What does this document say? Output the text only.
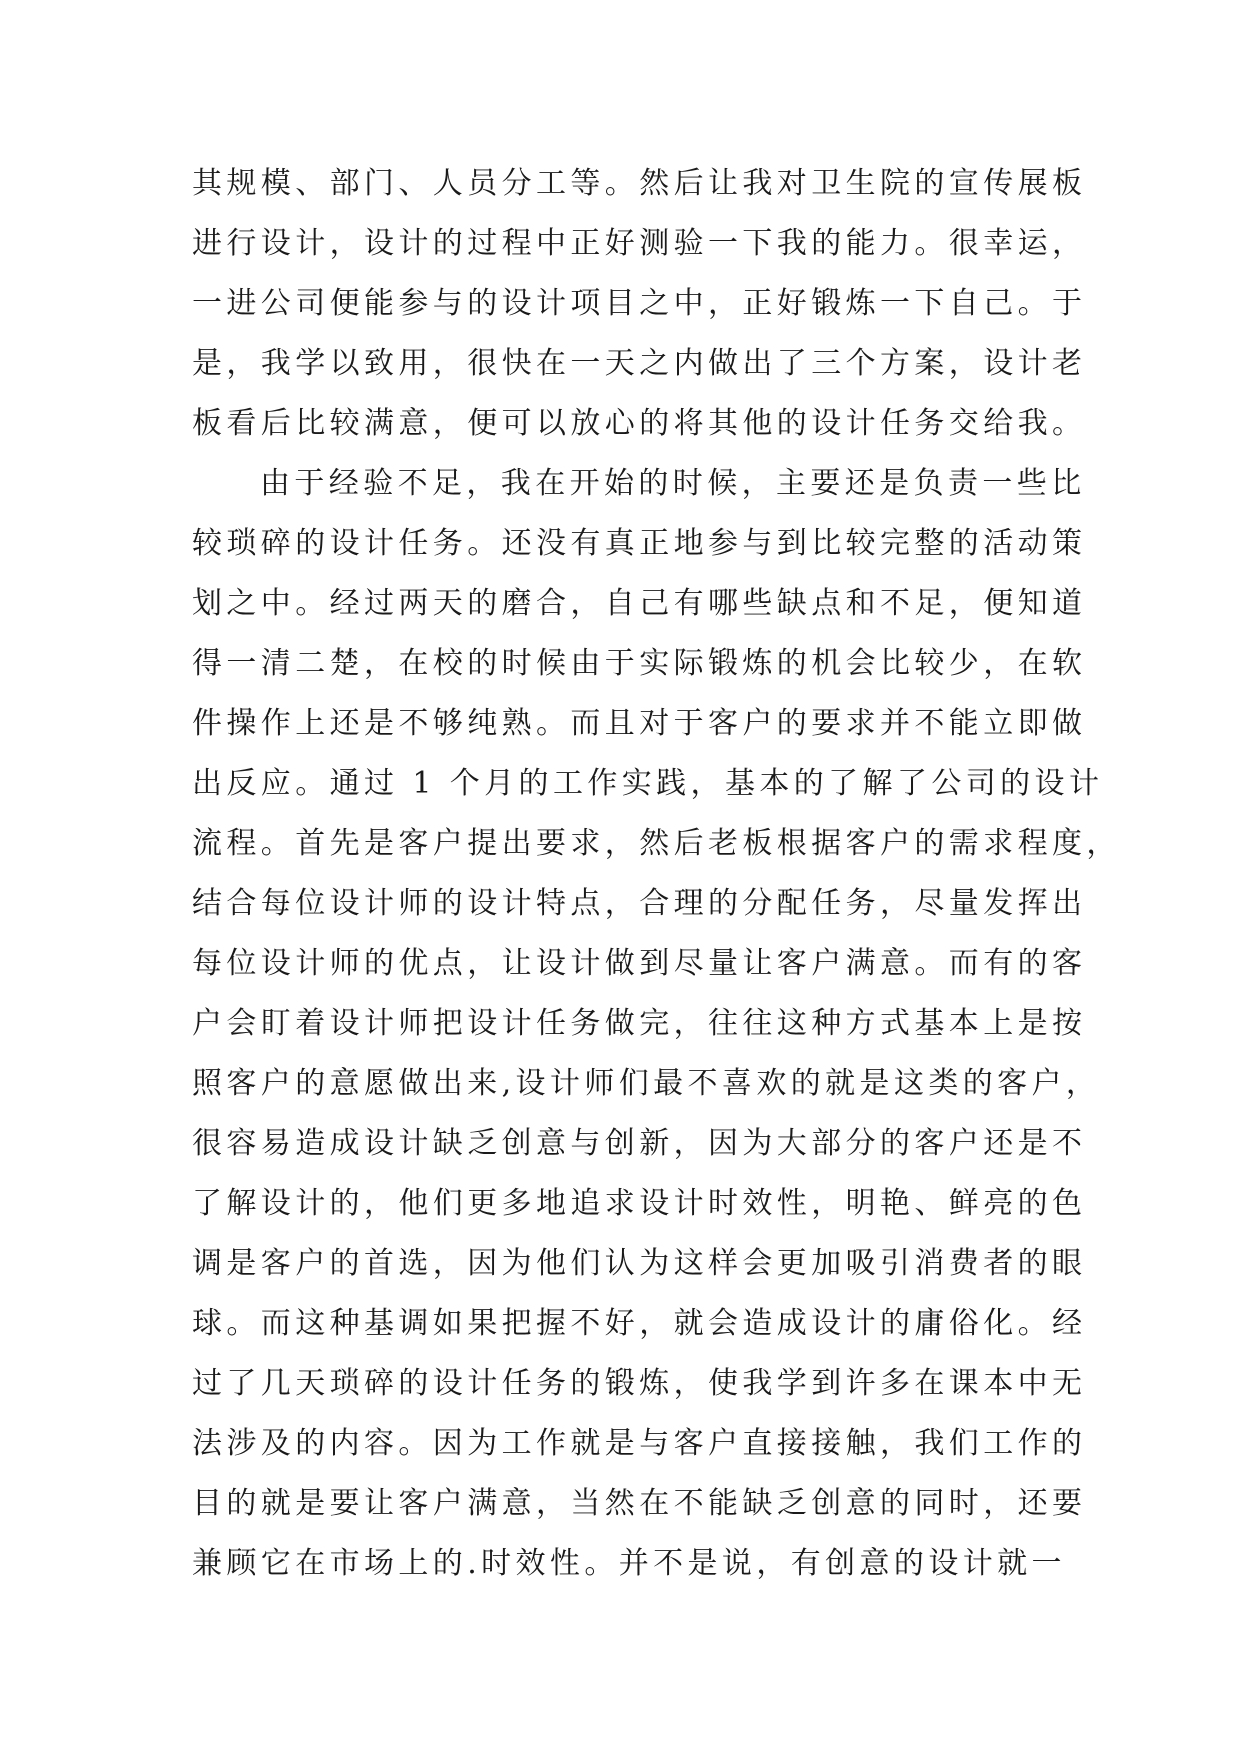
其规模、部门、人员分工等。然后让我对卫生院的宣传展板
进行设计，设计的过程中正好测验一下我的能力。很幸运，
一进公司便能参与的设计项目之中，正好锻炼一下自己。于
是，我学以致用，很快在一天之内做出了三个方案，设计老
板看后比较满意，便可以放心的将其他的设计任务交给我。
由于经验不足，我在开始的时候，主要还是负责一些比
较琐碎的设计任务。还没有真正地参与到比较完整的活动策
划之中。经过两天的磨合，自己有哪些缺点和不足，便知道
得一清二楚，在校的时候由于实际锻炼的机会比较少，在软
件操作上还是不够纯熟。而且对于客户的要求并不能立即做
出反应。通过 1 个月的工作实践，基本的了解了公司的设计
流程。首先是客户提出要求，然后老板根据客户的需求程度，
结合每位设计师的设计特点，合理的分配任务，尽量发挥出
每位设计师的优点，让设计做到尽量让客户满意。而有的客
户会盯着设计师把设计任务做完，往往这种方式基本上是按
照客户的意愿做出来,设计师们最不喜欢的就是这类的客户，
很容易造成设计缺乏创意与创新，因为大部分的客户还是不
了解设计的，他们更多地追求设计时效性，明艳、鲜亮的色
调是客户的首选，因为他们认为这样会更加吸引消费者的眼
球。而这种基调如果把握不好，就会造成设计的庸俗化。经
过了几天琐碎的设计任务的锻炼，使我学到许多在课本中无
法涉及的内容。因为工作就是与客户直接接触，我们工作的
目的就是要让客户满意，当然在不能缺乏创意的同时，还要
兼顾它在市场上的.时效性。并不是说，有创意的设计就一
